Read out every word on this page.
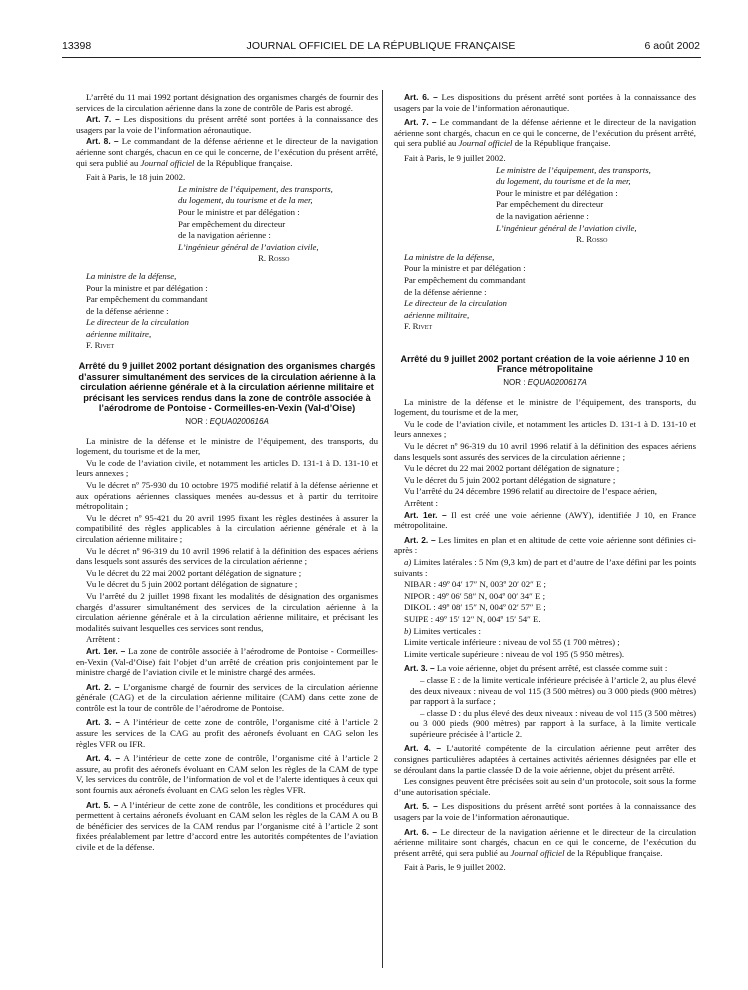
13398	JOURNAL OFFICIEL DE LA RÉPUBLIQUE FRANÇAISE	6 août 2002

L’arrêté du 11 mai 1992 portant désignation des organismes chargés de fournir des services de la circulation aérienne dans la zone de contrôle de Paris est abrogé.

Art. 7. – Les dispositions du présent arrêté sont portées à la connaissance des usagers par la voie de l’information aéronautique.

Art. 8. – Le commandant de la défense aérienne et le directeur de la navigation aérienne sont chargés, chacun en ce qui le concerne, de l’exécution du présent arrêté, qui sera publié au Journal officiel de la République française.

Fait à Paris, le 18 juin 2002.

Le ministre de l’équipement, des transports,

du logement, du tourisme et de la mer,

Pour le ministre et par délégation :

Par empêchement du directeur

de la navigation aérienne :

L’ingénieur général de l’aviation civile,

R. Rosso

La ministre de la défense,

Pour la ministre et par délégation :

Par empêchement du commandant

de la défense aérienne :

Le directeur de la circulation

aérienne militaire,

F. Rivet

Arrêté du 9 juillet 2002 portant désignation des organismes chargés d’assurer simultanément des services de la circulation aérienne à la circulation aérienne générale et à la circulation aérienne militaire et précisant les services rendus dans la zone de contrôle associée à l’aérodrome de Pontoise - Cormeilles-en-Vexin (Val-d’Oise)
NOR : EQUA0200616A

La ministre de la défense et le ministre de l’équipement, des transports, du logement, du tourisme et de la mer,

Vu le code de l’aviation civile, et notamment les articles D. 131-1 à D. 131-10 et leurs annexes ;

Vu le décret nº 75-930 du 10 octobre 1975 modifié relatif à la défense aérienne et aux opérations aériennes classiques menées au-dessus et à partir du territoire métropolitain ;

Vu le décret nº 95-421 du 20 avril 1995 fixant les règles destinées à assurer la compatibilité des règles applicables à la circulation aérienne générale et à la circulation aérienne militaire ;

Vu le décret nº 96-319 du 10 avril 1996 relatif à la définition des espaces aériens dans lesquels sont assurés des services de la circulation aérienne ;

Vu le décret du 22 mai 2002 portant délégation de signature ;

Vu le décret du 5 juin 2002 portant délégation de signature ;

Vu l’arrêté du 2 juillet 1998 fixant les modalités de désignation des organismes chargés d’assurer simultanément des services de la circulation aérienne à la circulation aérienne générale et à la circulation aérienne militaire, et précisant les modalités suivant lesquelles ces services sont rendus,

Arrêtent :

Art. 1er. – La zone de contrôle associée à l’aérodrome de Pontoise - Cormeilles-en-Vexin (Val-d’Oise) fait l’objet d’un arrêté de création pris conjointement par le ministre chargé de l’aviation civile et le ministre chargé des armées.

Art. 2. – L’organisme chargé de fournir des services de la circulation aérienne générale (CAG) et de la circulation aérienne militaire (CAM) dans cette zone de contrôle est la tour de contrôle de l’aérodrome de Pontoise.

Art. 3. – A l’intérieur de cette zone de contrôle, l’organisme cité à l’article 2 assure les services de la CAG au profit des aéronefs évoluant en CAG selon les règles VFR ou IFR.

Art. 4. – A l’intérieur de cette zone de contrôle, l’organisme cité à l’article 2 assure, au profit des aéronefs évoluant en CAM selon les règles de la CAM de type V, les services du contrôle, de l’information de vol et de l’alerte identiques à ceux qui sont fournis aux aéronefs évoluant en CAG selon les règles VFR.

Art. 5. – A l’intérieur de cette zone de contrôle, les conditions et procédures qui permettent à certains aéronefs évoluant en CAM selon les règles de la CAM A ou B de bénéficier des services de la CAM rendus par l’organisme cité à l’article 2 sont fixées préalablement par lettre d’accord entre les autorités compétentes de l’aviation civile et de la défense.

Art. 6. – Les dispositions du présent arrêté sont portées à la connaissance des usagers par la voie de l’information aéronautique.

Art. 7. – Le commandant de la défense aérienne et le directeur de la navigation aérienne sont chargés, chacun en ce qui le concerne, de l’exécution du présent arrêté, qui sera publié au Journal officiel de la République française.

Fait à Paris, le 9 juillet 2002.

Le ministre de l’équipement, des transports,

du logement, du tourisme et de la mer,

Pour le ministre et par délégation :

Par empêchement du directeur

de la navigation aérienne :

L’ingénieur général de l’aviation civile,

R. Rosso

La ministre de la défense,

Pour la ministre et par délégation :

Par empêchement du commandant

de la défense aérienne :

Le directeur de la circulation

aérienne militaire,

F. Rivet

Arrêté du 9 juillet 2002 portant création de la voie aérienne J 10 en France métropolitaine
NOR : EQUA0200617A

La ministre de la défense et le ministre de l’équipement, des transports, du logement, du tourisme et de la mer,

Vu le code de l’aviation civile, et notamment les articles D. 131-1 à D. 131-10 et leurs annexes ;

Vu le décret nº 96-319 du 10 avril 1996 relatif à la définition des espaces aériens dans lesquels sont assurés des services de la circulation aérienne ;

Vu le décret du 22 mai 2002 portant délégation de signature ;

Vu le décret du 5 juin 2002 portant délégation de signature ;

Vu l’arrêté du 24 décembre 1996 relatif au directoire de l’espace aérien,

Arrêtent :

Art. 1er. – Il est créé une voie aérienne (AWY), identifiée J 10, en France métropolitaine.

Art. 2. – Les limites en plan et en altitude de cette voie aérienne sont définies ci-après :

a) Limites latérales : 5 Nm (9,3 km) de part et d’autre de l’axe défini par les points suivants :

NIBAR : 49º 04′ 17″ N, 003º 20′ 02″ E ;

NIPOR : 49º 06′ 58″ N, 004º 00′ 34″ E ;

DIKOL : 49º 08′ 15″ N, 004º 02′ 57″ E ;

SUIPE : 49º 15′ 12″ N, 004º 15′ 54″ E.

b) Limites verticales :

Limite verticale inférieure : niveau de vol 55 (1 700 mètres) ;

Limite verticale supérieure : niveau de vol 195 (5 950 mètres).

Art. 3. – La voie aérienne, objet du présent arrêté, est classée comme suit :

– classe E : de la limite verticale inférieure précisée à l’article 2, au plus élevé des deux niveaux : niveau de vol 115 (3 500 mètres) ou 3 000 pieds (900 mètres) par rapport à la surface ;

– classe D : du plus élevé des deux niveaux : niveau de vol 115 (3 500 mètres) ou 3 000 pieds (900 mètres) par rapport à la surface, à la limite verticale supérieure précisée à l’article 2.

Art. 4. – L’autorité compétente de la circulation aérienne peut arrêter des consignes particulières adaptées à certaines activités aériennes désignées par elle et se déroulant dans la partie classée D de la voie aérienne, objet du présent arrêté.

Les consignes peuvent être précisées soit au sein d’un protocole, soit sous la forme d’une autorisation spéciale.

Art. 5. – Les dispositions du présent arrêté sont portées à la connaissance des usagers par la voie de l’information aéronautique.

Art. 6. – Le directeur de la navigation aérienne et le directeur de la circulation aérienne militaire sont chargés, chacun en ce qui le concerne, de l’exécution du présent arrêté, qui sera publié au Journal officiel de la République française.

Fait à Paris, le 9 juillet 2002.
